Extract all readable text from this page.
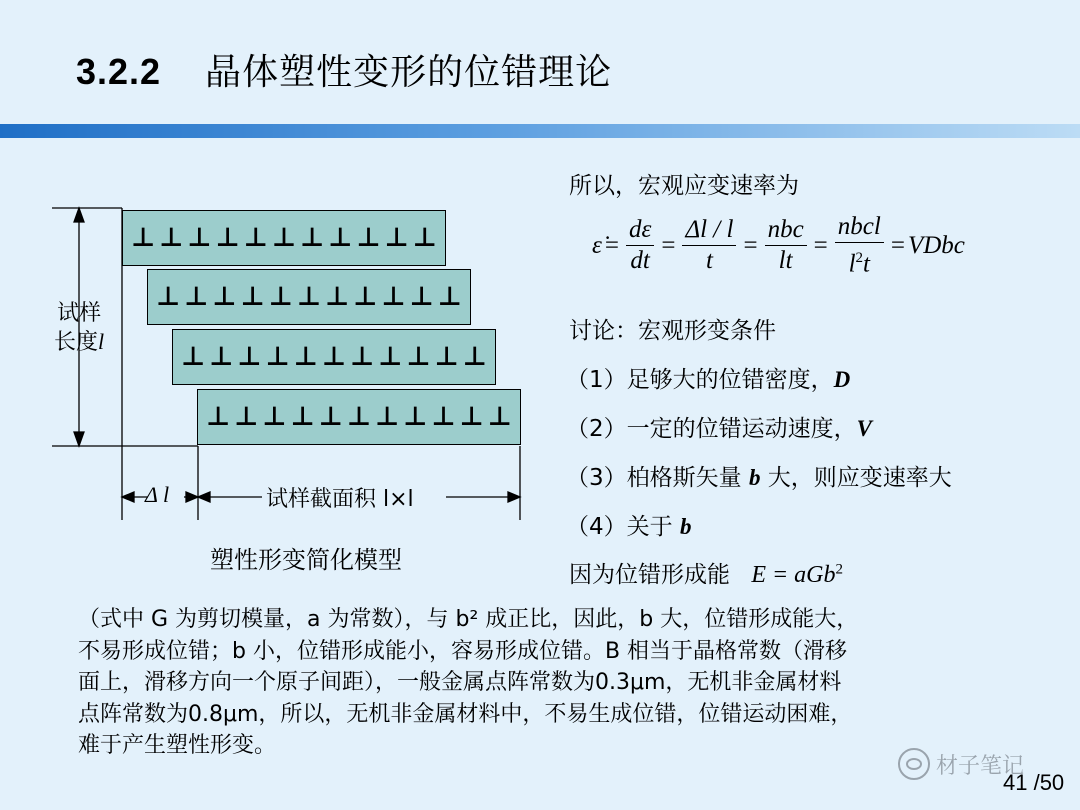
3.2.2 晶体塑性变形的位错理论
⊥ ⊥ ⊥ ⊥ ⊥ ⊥ ⊥ ⊥ ⊥ ⊥ ⊥
⊥ ⊥ ⊥ ⊥ ⊥ ⊥ ⊥ ⊥ ⊥ ⊥ ⊥
⊥ ⊥ ⊥ ⊥ ⊥ ⊥ ⊥ ⊥ ⊥ ⊥ ⊥
⊥ ⊥ ⊥ ⊥ ⊥ ⊥ ⊥ ⊥ ⊥ ⊥ ⊥
试样
长度l
Δ l	试样截面积 l×l
塑性形变简化模型
所以，宏观应变速率为
ε̇ = $\frac{d\varepsilon}{dt} = \frac{\Delta l / l}{t} = \frac{\text{nbc}}{lt} = \frac{\text{nbcl}}{l^2t}$ = VDbc
讨论：宏观形变条件
（1）足够大的位错密度，D
（2）一定的位错运动速度，V
（3）柏格斯矢量 b 大，则应变速率大
（4）关于 b
因为位错形成能 E = aGb$^2$

（式中 G 为剪切模量，a 为常数），与 b² 成正比，因此，b 大，位错形成能大，

不易形成位错；b 小，位错形成能小，容易形成位错。B 相当于晶格常数（滑移

面上，滑移方向一个原子间距），一般金属点阵常数为0.3μm，无机非金属材料

点阵常数为0.8μm，所以，无机非金属材料中，不易生成位错，位错运动困难，

难于产生塑性形变。

材子笔记
41 /50
